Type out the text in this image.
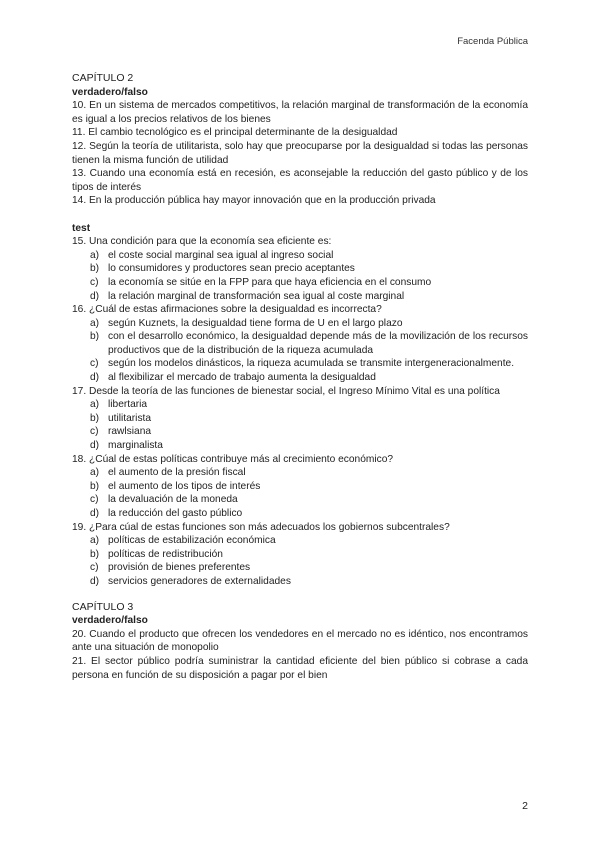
Facenda Pública
CAPÍTULO 2
verdadero/falso

10. En un sistema de mercados competitivos, la relación marginal de transformación de la economía es igual a los precios relativos de los bienes

11. El cambio tecnológico es el principal determinante de la desigualdad

12. Según la teoría de utilitarista, solo hay que preocuparse por la desigualdad si todas las personas tienen la misma función de utilidad

13. Cuando una economía está en recesión, es aconsejable la reducción del gasto público y de los tipos de interés

14. En la producción pública hay mayor innovación que en la producción privada

test

15. Una condición para que la economía sea eficiente es:

a) el coste social marginal sea igual al ingreso social
b) lo consumidores y productores sean precio aceptantes
c) la economía se sitúe en la FPP para que haya eficiencia en el consumo
d) la relación marginal de transformación sea igual al coste marginal

16. ¿Cuál de estas afirmaciones sobre la desigualdad es incorrecta?

a) según Kuznets, la desigualdad tiene forma de U en el largo plazo
b) con el desarrollo económico, la desigualdad depende más de la movilización de los recursos productivos que de la distribución de la riqueza acumulada
c) según los modelos dinásticos, la riqueza acumulada se transmite intergeneracionalmente.
d) al flexibilizar el mercado de trabajo aumenta la desigualdad

17. Desde la teoría de las funciones de bienestar social, el Ingreso Mínimo Vital es una política

a) libertaria
b) utilitarista
c) rawlsiana
d) marginalista

18. ¿Cúal de estas políticas contribuye más al crecimiento económico?

a) el aumento de la presión fiscal
b) el aumento de los tipos de interés
c) la devaluación de la moneda
d) la reducción del gasto público

19. ¿Para cúal de estas funciones son más adecuados los gobiernos subcentrales?

a) políticas de estabilización económica
b) políticas de redistribución
c) provisión de bienes preferentes
d) servicios generadores de externalidades
CAPÍTULO 3
verdadero/falso

20. Cuando el producto que ofrecen los vendedores en el mercado no es idéntico, nos encontramos ante una situación de monopolio

21. El sector público podría suministrar la cantidad eficiente del bien público si cobrase a cada persona en función de su disposición a pagar por el bien

2
